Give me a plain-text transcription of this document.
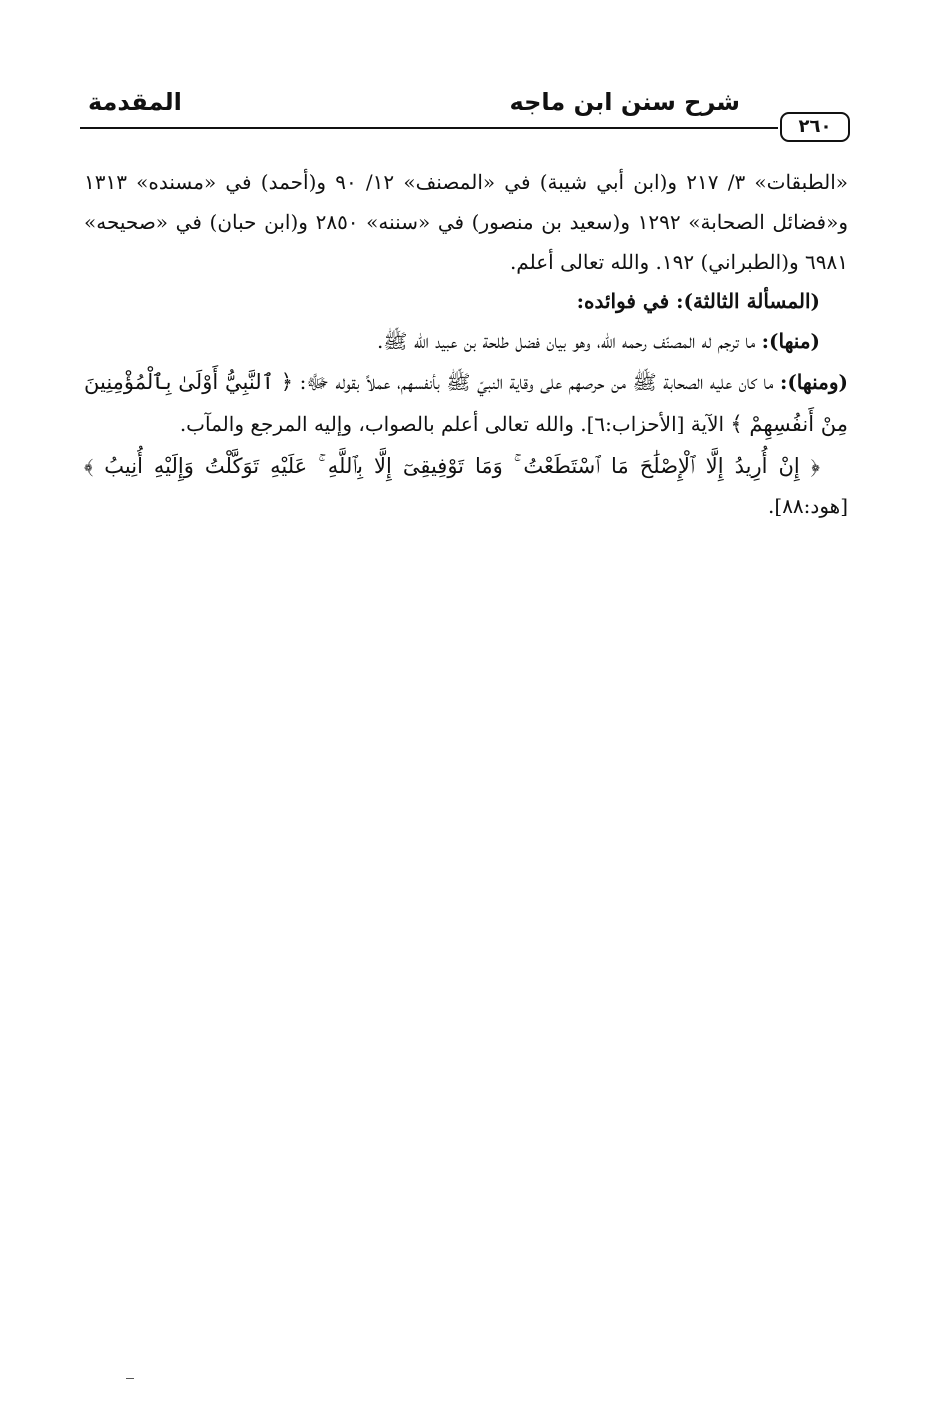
شرح سنن ابن ماجه
المقدمة
٢٦٠

«الطبقات» ٣/ ٢١٧ و(ابن أبي شيبة) في «المصنف» ١٢/ ٩٠ و(أحمد) في «مسنده» ١٣١٣ و«فضائل الصحابة» ١٢٩٢ و(سعيد بن منصور) في «سننه» ٢٨٥٠ و(ابن حبان) في «صحيحه» ٦٩٨١ و(الطبراني) ١٩٢. والله تعالى أعلم.

(المسألة الثالثة): في فوائده:

(منها): ما ترجم له المصنّف رحمه الله، وهو بيان فضل طلحة بن عبيد الله ﷺ.

(ومنها): ما كان عليه الصحابة ﷺ من حرصهم على وقاية النبيّ ﷺ بأنفسهم، عملاً بقوله ﷻ: ﴿ ٱلنَّبِيُّ أَوْلَىٰ بِٱلْمُؤْمِنِينَ مِنْ أَنفُسِهِمْ ﴾ الآية [الأحزاب:٦]. والله تعالى أعلم بالصواب، وإليه المرجع والمآب.

﴿ إِنْ أُرِيدُ إِلَّا ٱلْإِصْلَٰحَ مَا ٱسْتَطَعْتُ ۚ وَمَا تَوْفِيقِىٓ إِلَّا بِٱللَّهِ ۚ عَلَيْهِ تَوَكَّلْتُ وَإِلَيْهِ أُنِيبُ ﴾ [هود:٨٨].
